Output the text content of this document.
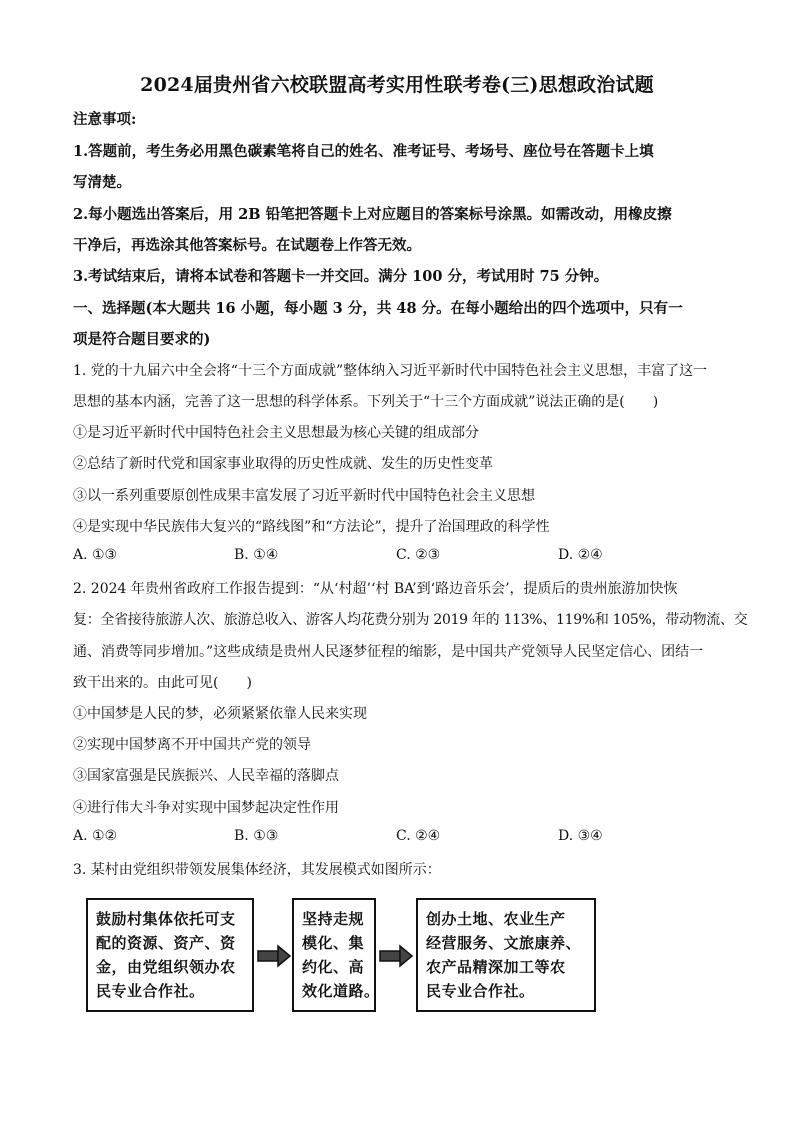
2024届贵州省六校联盟高考实用性联考卷(三)思想政治试题
注意事项:
1.答题前，考生务必用黑色碳素笔将自己的姓名、准考证号、考场号、座位号在答题卡上填
写清楚。
2.每小题选出答案后，用 2B 铅笔把答题卡上对应题目的答案标号涂黑。如需改动，用橡皮擦
干净后，再选涂其他答案标号。在试题卷上作答无效。
3.考试结束后，请将本试卷和答题卡一并交回。满分 100 分，考试用时 75 分钟。
一、选择题(本大题共 16 小题，每小题 3 分，共 48 分。在每小题给出的四个选项中，只有一
项是符合题目要求的)
1. 党的十九届六中全会将“十三个方面成就”整体纳入习近平新时代中国特色社会主义思想，丰富了这一
思想的基本内涵，完善了这一思想的科学体系。下列关于“十三个方面成就”说法正确的是(　　)
①是习近平新时代中国特色社会主义思想最为核心关键的组成部分
②总结了新时代党和国家事业取得的历史性成就、发生的历史性变革
③以一系列重要原创性成果丰富发展了习近平新时代中国特色社会主义思想
④是实现中华民族伟大复兴的“路线图”和“方法论”，提升了治国理政的科学性
A. ①③	B. ①④	C. ②③	D. ②④
2. 2024 年贵州省政府工作报告提到：“从‘村超’‘村 BA’到‘路边音乐会’，提质后的贵州旅游加快恢
复：全省接待旅游人次、旅游总收入、游客人均花费分别为 2019 年的 113%、119%和 105%，带动物流、交
通、消费等同步增加。”这些成绩是贵州人民逐梦征程的缩影，是中国共产党领导人民坚定信心、团结一
致干出来的。由此可见(　　)
①中国梦是人民的梦，必须紧紧依靠人民来实现
②实现中国梦离不开中国共产党的领导
③国家富强是民族振兴、人民幸福的落脚点
④进行伟大斗争对实现中国梦起决定性作用
A. ①②	B. ①③	C. ②④	D. ③④
3. 某村由党组织带领发展集体经济，其发展模式如图所示：
鼓励村集体依托可支
配的资源、资产、资
金，由党组织领办农
民专业合作社。
坚持走规
模化、集
约化、高
效化道路。
创办土地、农业生产
经营服务、文旅康养、
农产品精深加工等农
民专业合作社。
